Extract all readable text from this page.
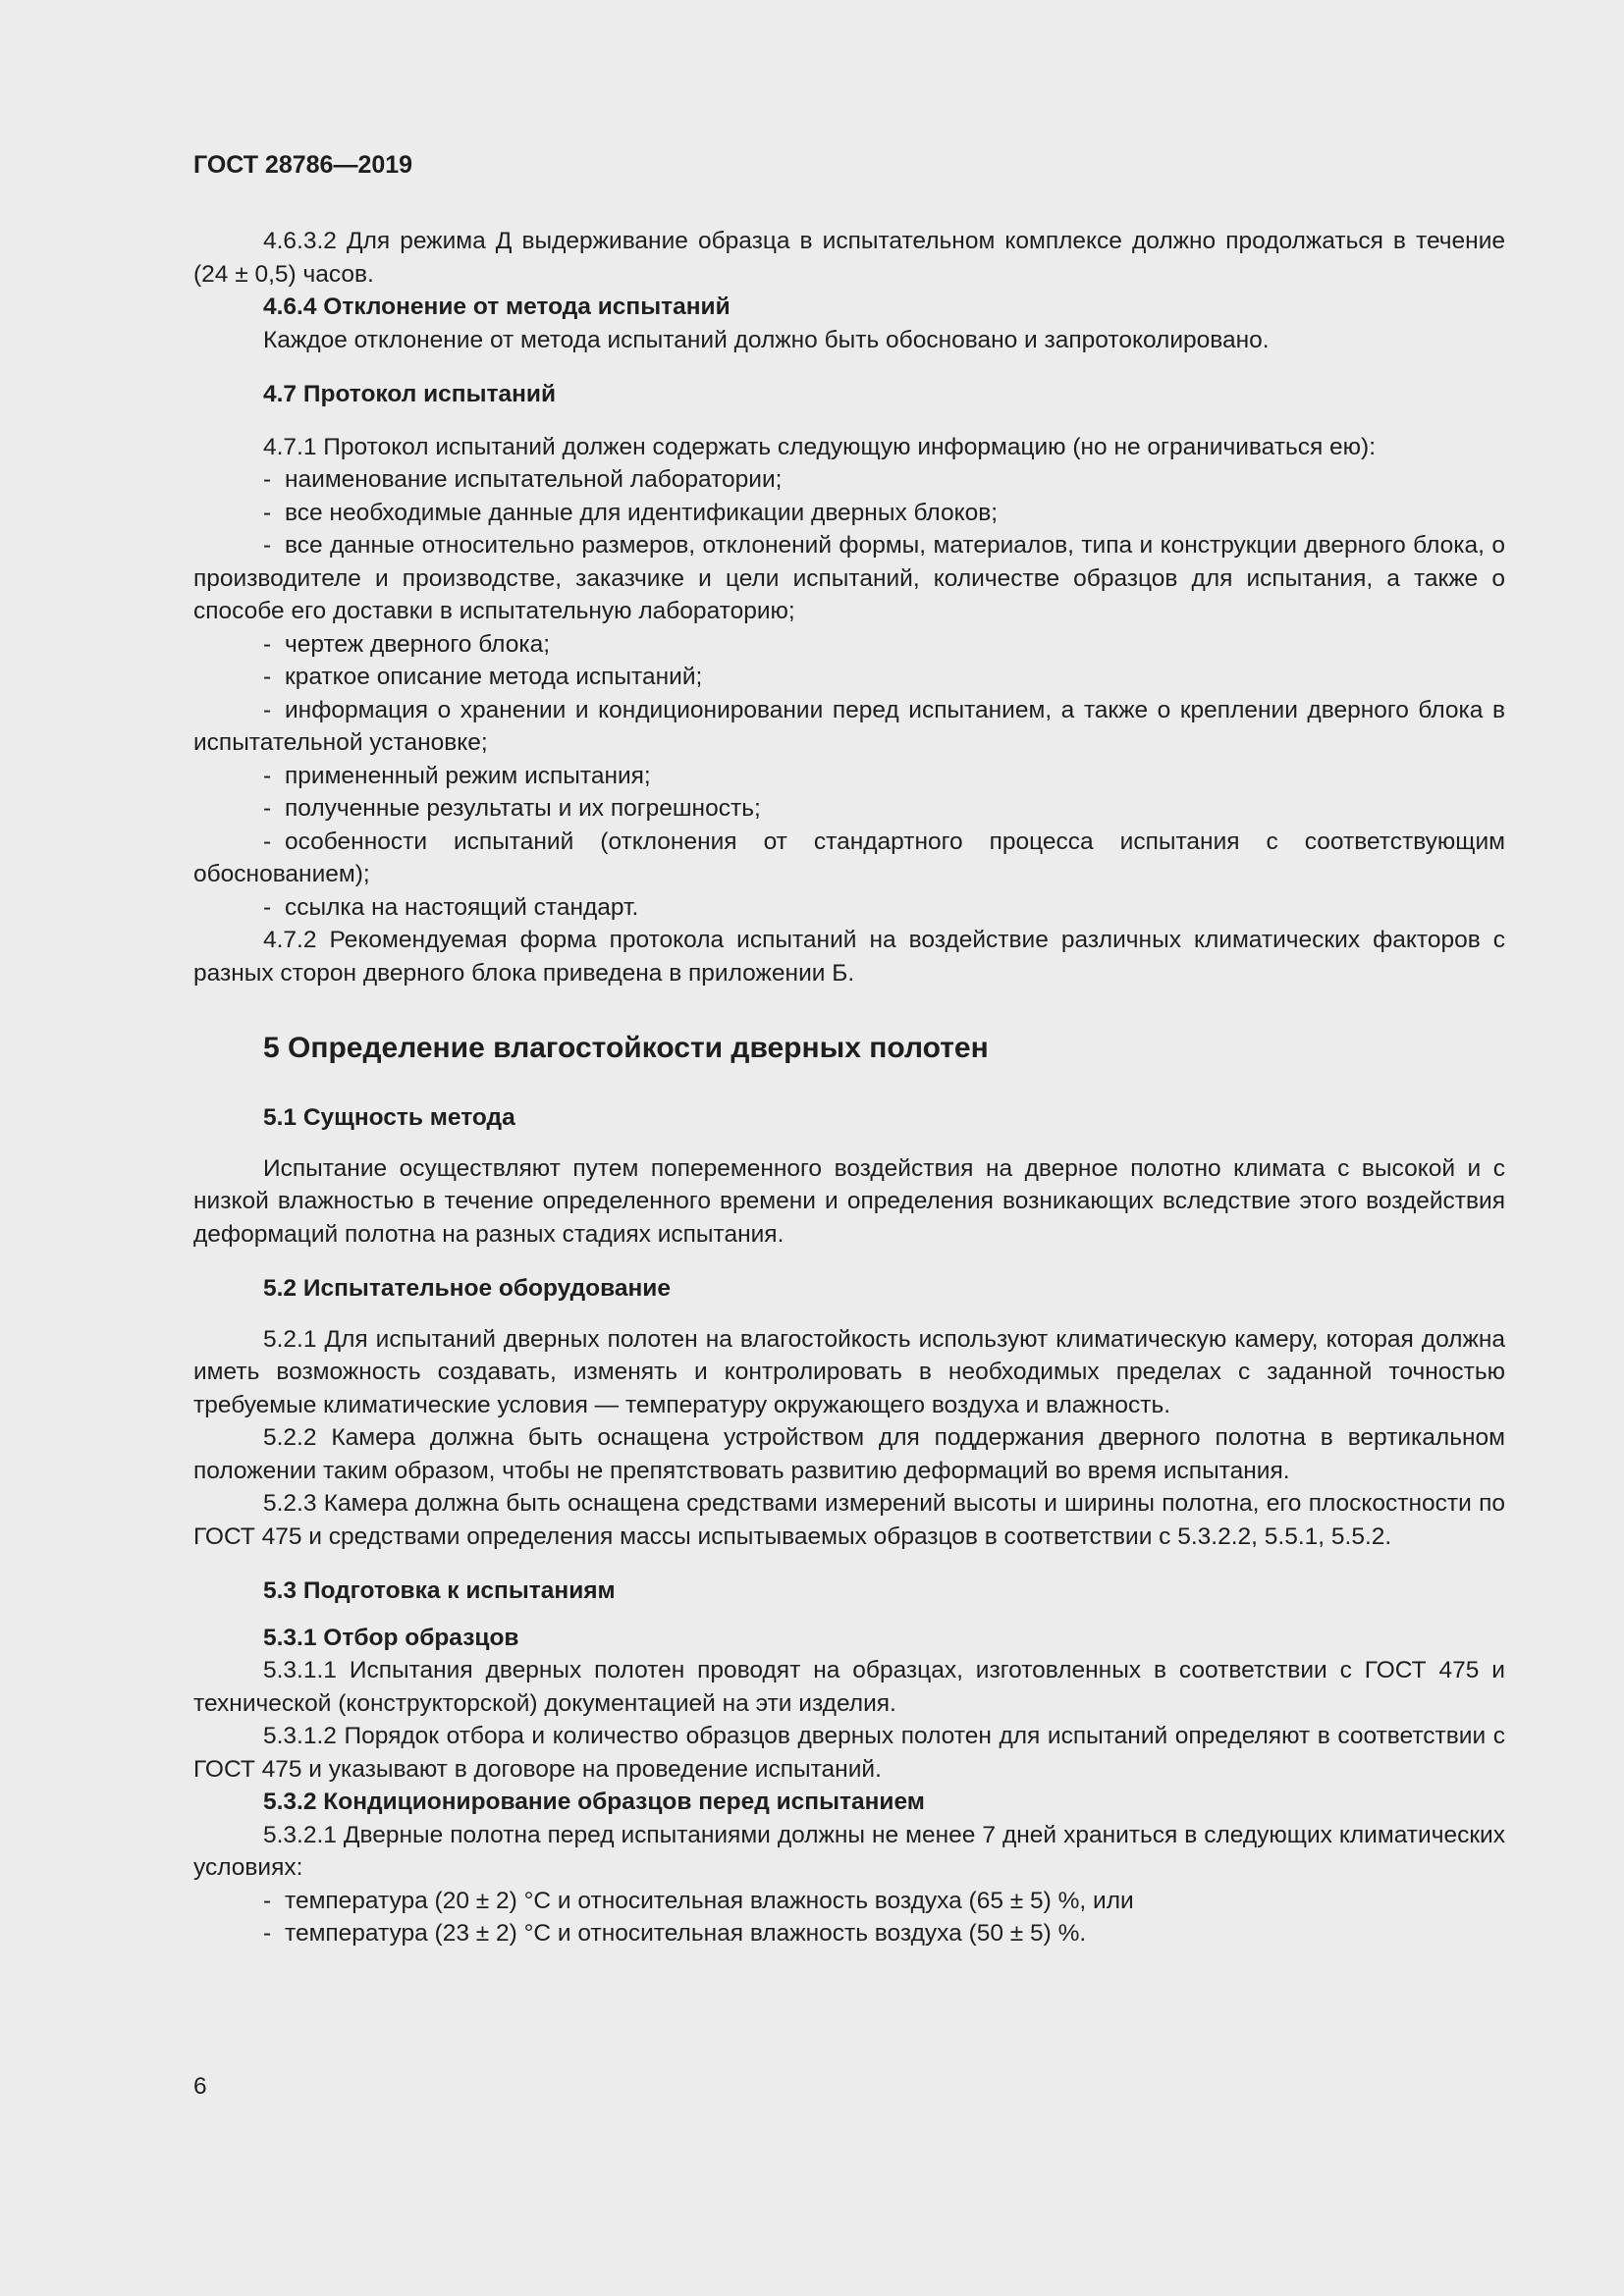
ГОСТ 28786—2019

4.6.3.2 Для режима Д выдерживание образца в испытательном комплексе должно продолжаться в течение (24 ± 0,5) часов.

4.6.4 Отклонение от метода испытаний

Каждое отклонение от метода испытаний должно быть обосновано и запротоколировано.

4.7 Протокол испытаний

4.7.1 Протокол испытаний должен содержать следующую информацию (но не ограничиваться ею):

- наименование испытательной лаборатории;

- все необходимые данные для идентификации дверных блоков;

- все данные относительно размеров, отклонений формы, материалов, типа и конструкции дверного блока, о производителе и производстве, заказчике и цели испытаний, количестве образцов для испытания, а также о способе его доставки в испытательную лабораторию;

- чертеж дверного блока;

- краткое описание метода испытаний;

- информация о хранении и кондиционировании перед испытанием, а также о креплении дверного блока в испытательной установке;

- примененный режим испытания;

- полученные результаты и их погрешность;

- особенности испытаний (отклонения от стандартного процесса испытания с соответствующим обоснованием);

- ссылка на настоящий стандарт.

4.7.2 Рекомендуемая форма протокола испытаний на воздействие различных климатических факторов с разных сторон дверного блока приведена в приложении Б.

5 Определение влагостойкости дверных полотен

5.1 Сущность метода

Испытание осуществляют путем попеременного воздействия на дверное полотно климата с высокой и с низкой влажностью в течение определенного времени и определения возникающих вследствие этого воздействия деформаций полотна на разных стадиях испытания.

5.2 Испытательное оборудование

5.2.1 Для испытаний дверных полотен на влагостойкость используют климатическую камеру, которая должна иметь возможность создавать, изменять и контролировать в необходимых пределах с заданной точностью требуемые климатические условия — температуру окружающего воздуха и влажность.

5.2.2 Камера должна быть оснащена устройством для поддержания дверного полотна в вертикальном положении таким образом, чтобы не препятствовать развитию деформаций во время испытания.

5.2.3 Камера должна быть оснащена средствами измерений высоты и ширины полотна, его плоскостности по ГОСТ 475 и средствами определения массы испытываемых образцов в соответствии с 5.3.2.2, 5.5.1, 5.5.2.

5.3 Подготовка к испытаниям

5.3.1 Отбор образцов

5.3.1.1 Испытания дверных полотен проводят на образцах, изготовленных в соответствии с ГОСТ 475 и технической (конструкторской) документацией на эти изделия.

5.3.1.2 Порядок отбора и количество образцов дверных полотен для испытаний определяют в соответствии с ГОСТ 475 и указывают в договоре на проведение испытаний.

5.3.2 Кондиционирование образцов перед испытанием

5.3.2.1 Дверные полотна перед испытаниями должны не менее 7 дней храниться в следующих климатических условиях:

- температура (20 ± 2) °С и относительная влажность воздуха (65 ± 5) %, или

- температура (23 ± 2) °С и относительная влажность воздуха (50 ± 5) %.

6
